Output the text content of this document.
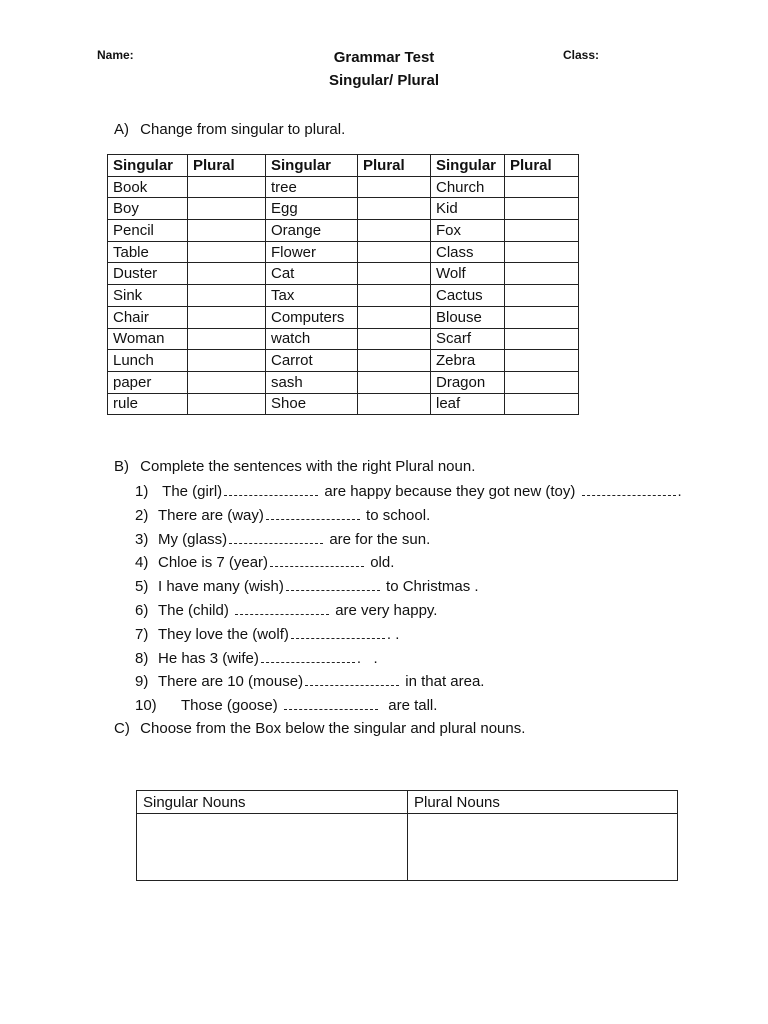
Name:	Class:
Grammar Test
Singular/ Plural
A) Change from singular to plural.
Singular	Plural	Singular	Plural	Singular	Plural
Book		tree		Church	
Boy		Egg		Kid	
Pencil		Orange		Fox	
Table		Flower		Class	
Duster		Cat		Wolf	
Sink		Tax		Cactus	
Chair		Computers		Blouse	
Woman		watch		Scarf	
Lunch		Carrot		Zebra	
paper		sash		Dragon	
rule		Shoe		leaf	
B) Complete the sentences with the right Plural noun.
1) The (girl)	are happy because they got new (toy)	.
2) There are (way)	to school.
3) My (glass)	are for the sun.
4) Chloe is 7 (year)	old.
5) I have many (wish)	to Christmas .
6) The (child)	are very happy.
7) They love the (wolf)	. .
8) He has 3 (wife)	.   .
9) There are 10 (mouse)	in that area.
10) Those (goose)	are tall.
C) Choose from the Box below the singular and plural nouns.
Singular Nouns	Plural Nouns
